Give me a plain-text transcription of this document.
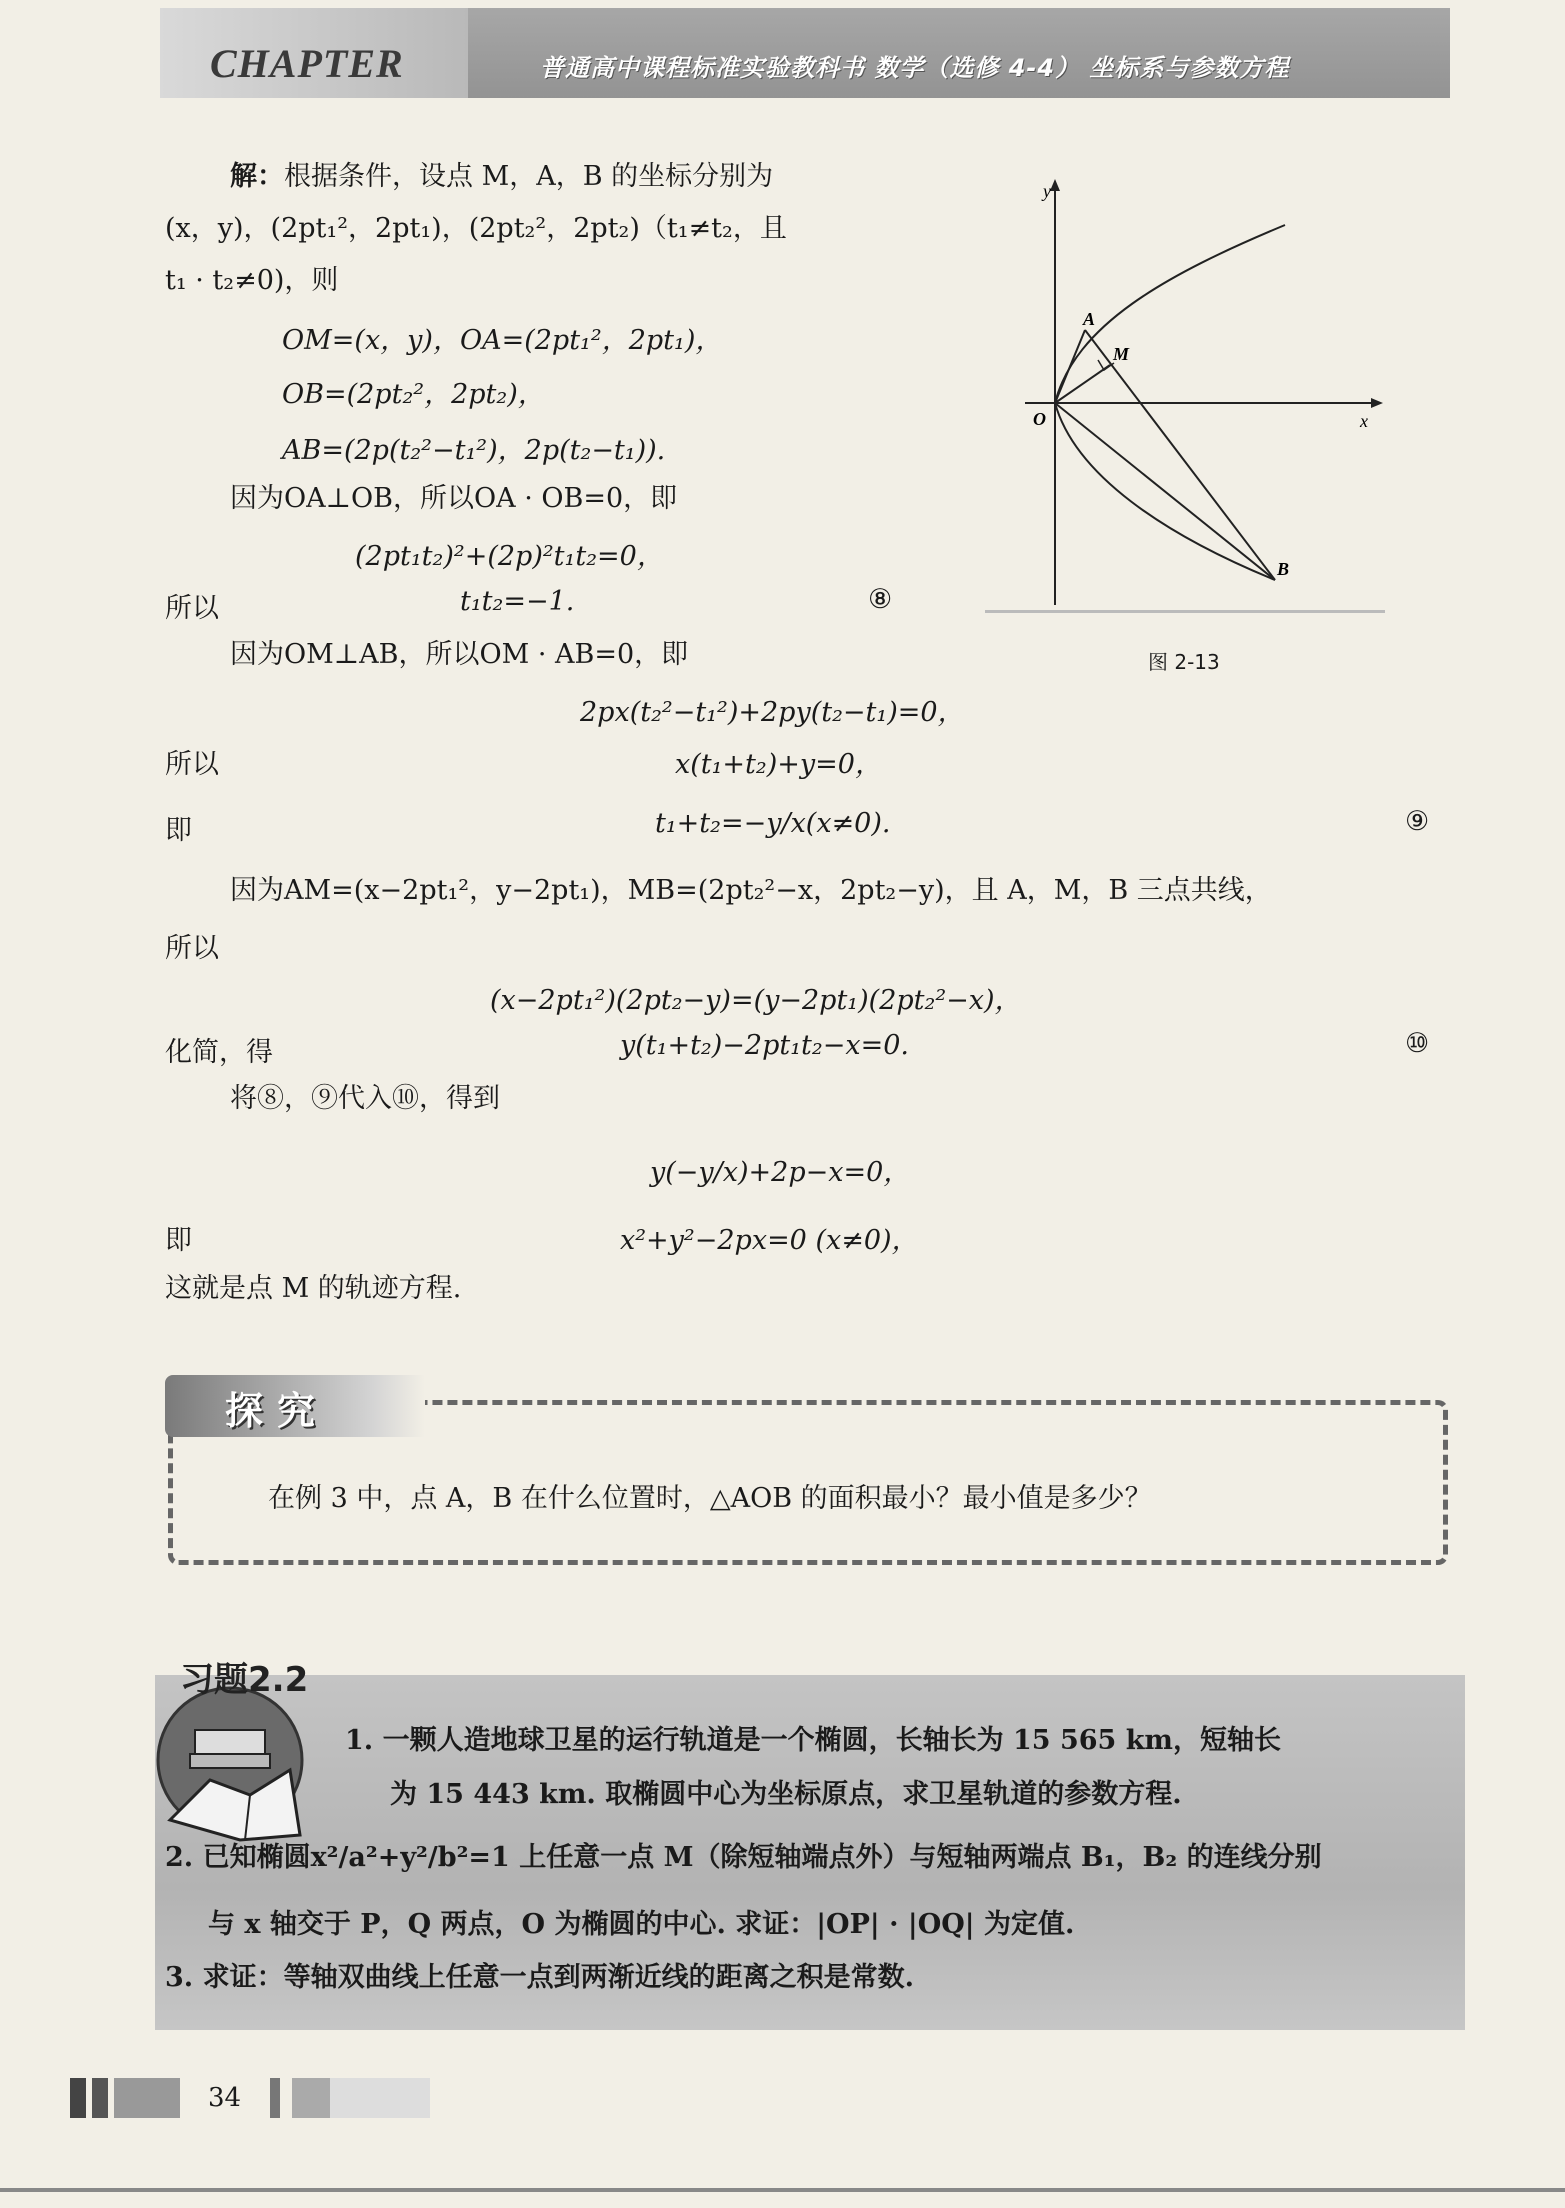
CHAPTER	普通高中课程标准实验教科书 数学（选修 4-4） 坐标系与参数方程
解：根据条件，设点 M，A，B 的坐标分别为
(x，y)，(2pt₁²，2pt₁)，(2pt₂²，2pt₂)（t₁≠t₂，且
t₁ · t₂≠0)，则
OM=(x，y)，OA=(2pt₁²，2pt₁)，
OB=(2pt₂²，2pt₂)，
AB=(2p(t₂²−t₁²)，2p(t₂−t₁)).
因为OA⊥OB，所以OA · OB=0，即
(2pt₁t₂)²+(2p)²t₁t₂=0，
所以	t₁t₂=−1.	⑧
因为OM⊥AB，所以OM · AB=0，即
2px(t₂²−t₁²)+2py(t₂−t₁)=0，
所以	x(t₁+t₂)+y=0，
即	t₁+t₂=−y/x(x≠0).	⑨
因为AM=(x−2pt₁²，y−2pt₁)，MB=(2pt₂²−x，2pt₂−y)，且 A，M，B 三点共线，
所以
(x−2pt₁²)(2pt₂−y)=(y−2pt₁)(2pt₂²−x)，
化简，得	y(t₁+t₂)−2pt₁t₂−x=0.	⑩
将⑧，⑨代入⑩，得到
y(−y/x)+2p−x=0，
即	x²+y²−2px=0 (x≠0)，
这就是点 M 的轨迹方程.
y
x
O
A
M
B
图 2-13
探究
在例 3 中，点 A，B 在什么位置时，△AOB 的面积最小？最小值是多少？
习题2.2
1. 一颗人造地球卫星的运行轨道是一个椭圆，长轴长为 15 565 km，短轴长
为 15 443 km. 取椭圆中心为坐标原点，求卫星轨道的参数方程.
2. 已知椭圆x²/a²+y²/b²=1 上任意一点 M（除短轴端点外）与短轴两端点 B₁，B₂ 的连线分别
与 x 轴交于 P，Q 两点，O 为椭圆的中心. 求证：|OP| · |OQ| 为定值.
3. 求证：等轴双曲线上任意一点到两渐近线的距离之积是常数.
34
